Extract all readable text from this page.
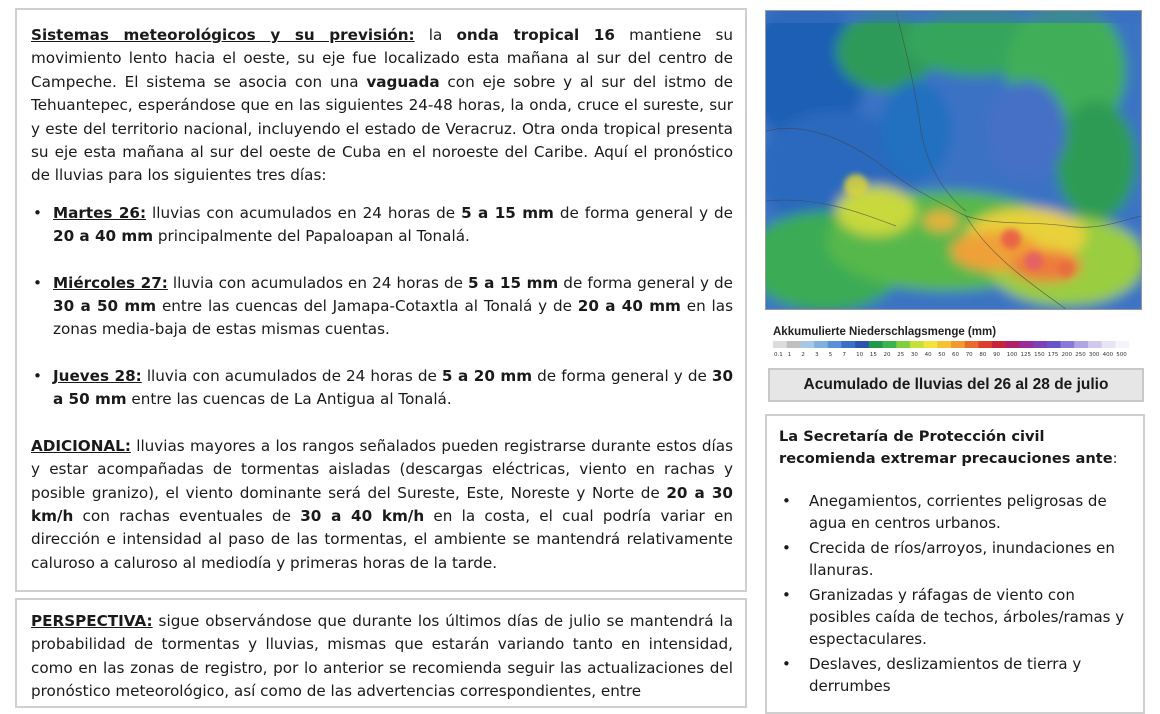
Sistemas meteorológicos y su previsión: la onda tropical 16 mantiene su movimiento lento hacia el oeste, su eje fue localizado esta mañana al sur del centro de Campeche. El sistema se asocia con una vaguada con eje sobre y al sur del istmo de Tehuantepec, esperándose que en las siguientes 24-48 horas, la onda, cruce el sureste, sur y este del territorio nacional, incluyendo el estado de Veracruz. Otra onda tropical presenta su eje esta mañana al sur del oeste de Cuba en el noroeste del Caribe. Aquí el pronóstico de lluvias para los siguientes tres días:

• Martes 26: lluvias con acumulados en 24 horas de 5 a 15 mm de forma general y de 20 a 40 mm principalmente del Papaloapan al Tonalá.
• Miércoles 27: lluvia con acumulados en 24 horas de 5 a 15 mm de forma general y de 30 a 50 mm entre las cuencas del Jamapa-Cotaxtla al Tonalá y de 20 a 40 mm en las zonas media-baja de estas mismas cuentas.
• Jueves 28: lluvia con acumulados de 24 horas de 5 a 20 mm de forma general y de 30 a 50 mm entre las cuencas de La Antigua al Tonalá.

ADICIONAL: lluvias mayores a los rangos señalados pueden registrarse durante estos días y estar acompañadas de tormentas aisladas (descargas eléctricas, viento en rachas y posible granizo), el viento dominante será del Sureste, Este, Noreste y Norte de 20 a 30 km/h con rachas eventuales de 30 a 40 km/h en la costa, el cual podría variar en dirección e intensidad al paso de las tormentas, el ambiente se mantendrá relativamente caluroso a caluroso al mediodía y primeras horas de la tarde.

PERSPECTIVA: sigue observándose que durante los últimos días de julio se mantendrá la probabilidad de tormentas y lluvias, mismas que estarán variando tanto en intensidad, como en las zonas de registro, por lo anterior se recomienda seguir las actualizaciones del pronóstico meteorológico, así como de las advertencias correspondientes, entre

Akkumulierte Niederschlagsmenge (mm)
0.1 1 2 3 5 7 10 15 20 25 30 40 50 60 70 80 90 100 125 150 175 200 250 300 400 500
Acumulado de lluvias del 26 al 28 de julio

La Secretaría de Protección civil recomienda extremar precauciones ante:

• Anegamientos, corrientes peligrosas de agua en centros urbanos.
• Crecida de ríos/arroyos, inundaciones en llanuras.
• Granizadas y ráfagas de viento con posibles caída de techos, árboles/ramas y espectaculares.
• Deslaves, deslizamientos de tierra y derrumbes
